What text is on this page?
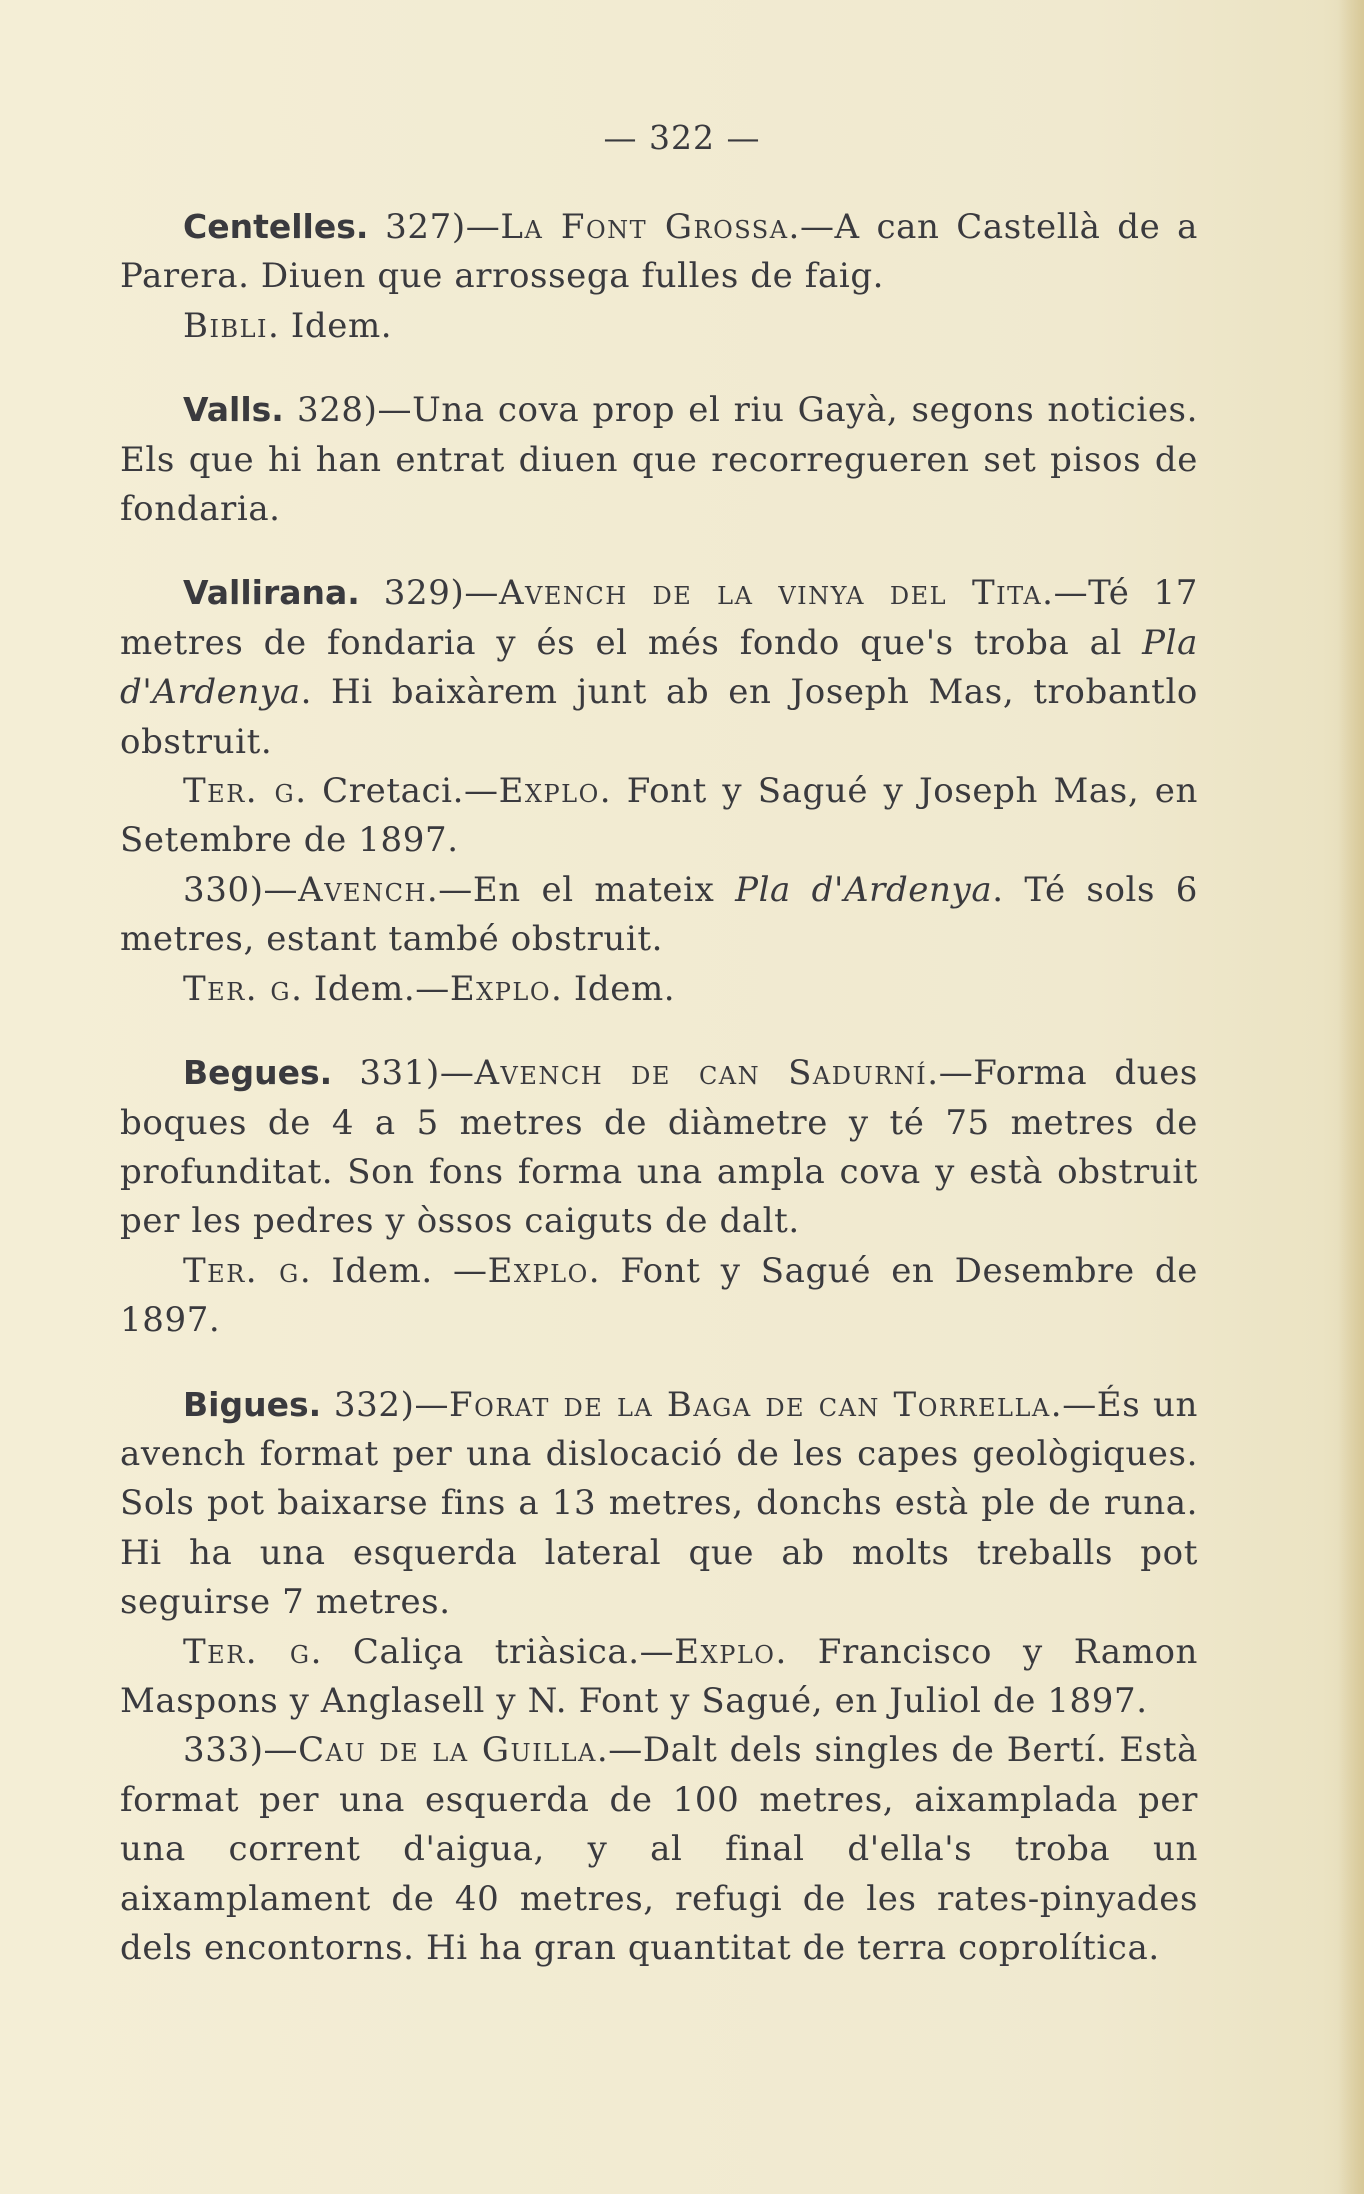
— 322 —

Centelles. 327)—La Font Grossa.—A can Castellà de a Parera. Diuen que arrossega fulles de faig.

Bibli. Idem.

Valls. 328)—Una cova prop el riu Gayà, segons noticies. Els que hi han entrat diuen que recorregueren set pisos de fondaria.

Vallirana. 329)—Avench de la vinya del Tita.—Té 17 metres de fondaria y és el més fondo que's troba al Pla d'Ardenya. Hi baixàrem junt ab en Joseph Mas, trobantlo obstruit.

Ter. g. Cretaci.—Explo. Font y Sagué y Joseph Mas, en Setembre de 1897.

330)—Avench.—En el mateix Pla d'Ardenya. Té sols 6 metres, estant també obstruit.

Ter. g. Idem.—Explo. Idem.

Begues. 331)—Avench de can Sadurní.—Forma dues boques de 4 a 5 metres de diàmetre y té 75 metres de profunditat. Son fons forma una ampla cova y està obstruit per les pedres y òssos caiguts de dalt.

Ter. g. Idem. —Explo. Font y Sagué en Desembre de 1897.

Bigues. 332)—Forat de la Baga de can Torrella.—És un avench format per una dislocació de les capes geològiques. Sols pot baixarse fins a 13 metres, donchs està ple de runa. Hi ha una esquerda lateral que ab molts treballs pot seguirse 7 metres.

Ter. g. Caliça triàsica.—Explo. Francisco y Ramon Maspons y Anglasell y N. Font y Sagué, en Juliol de 1897.

333)—Cau de la Guilla.—Dalt dels singles de Bertí. Està format per una esquerda de 100 metres, aixamplada per una corrent d'aigua, y al final d'ella's troba un aixamplament de 40 metres, refugi de les rates-pinyades dels encontorns. Hi ha gran quantitat de terra coprolítica.
